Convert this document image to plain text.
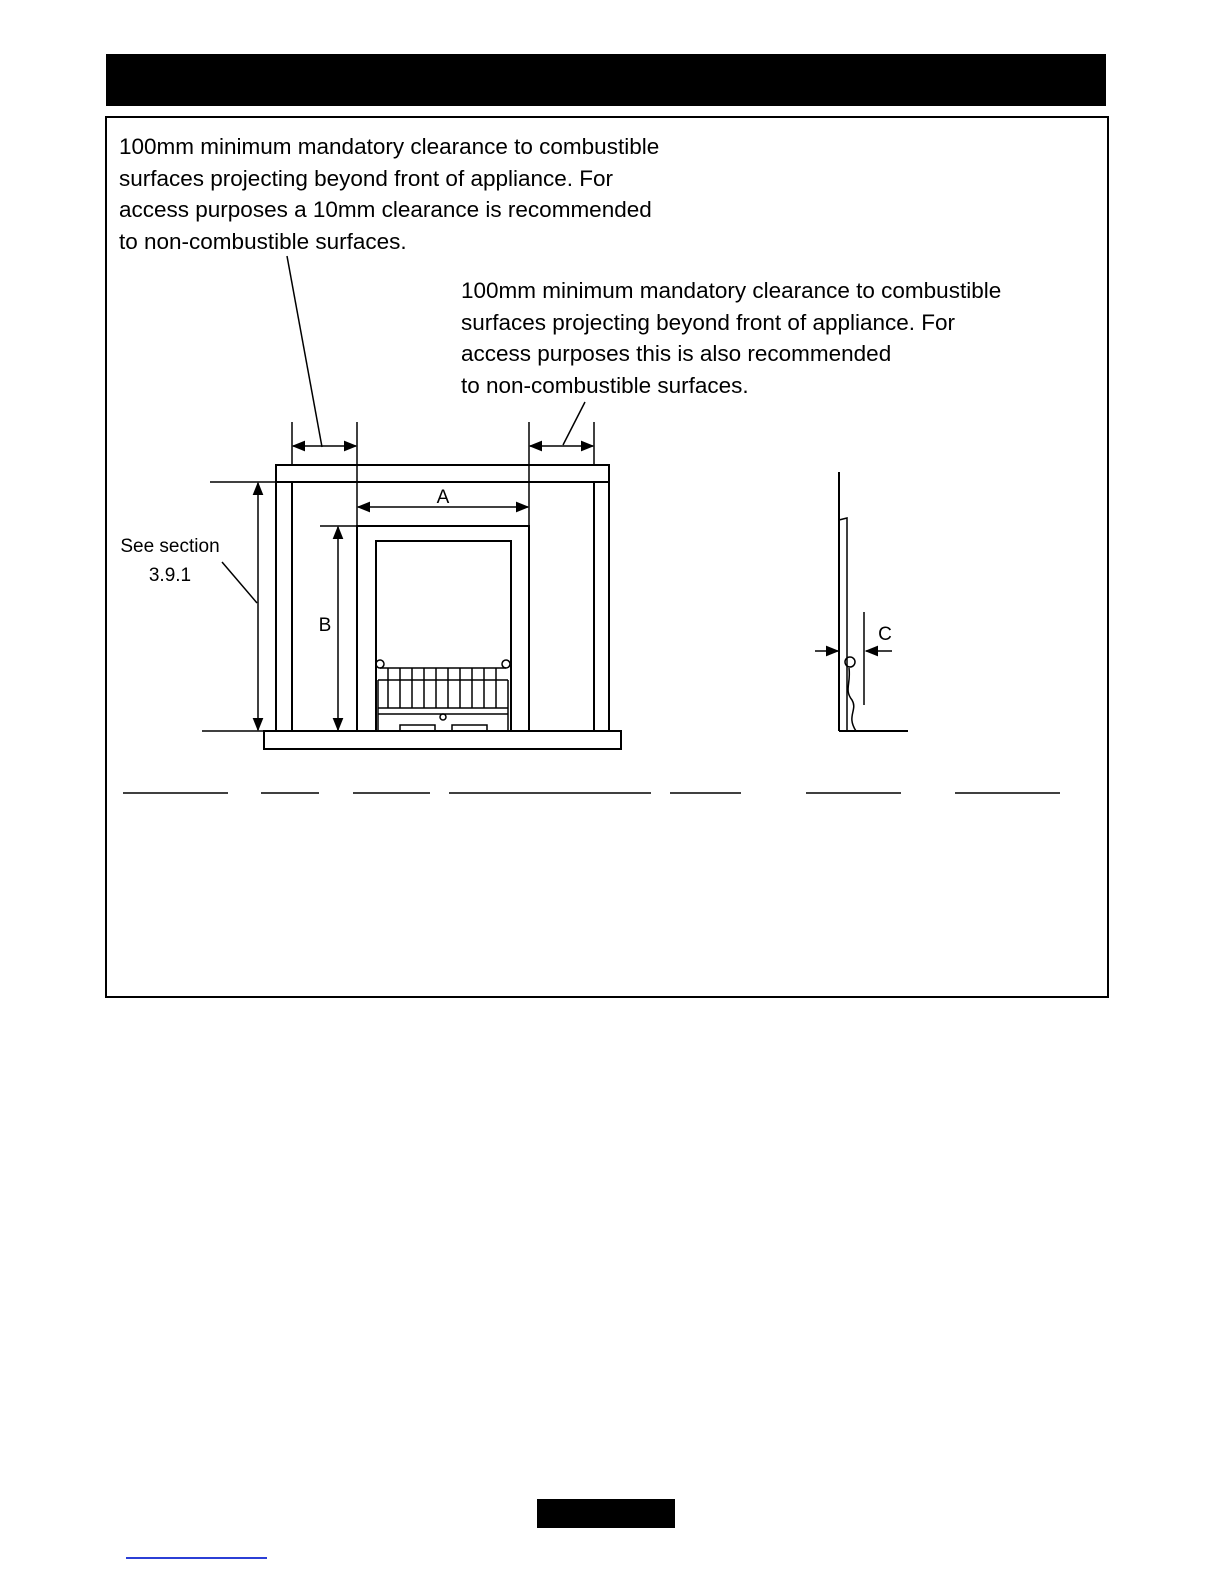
100mm minimum mandatory clearance to combustible
surfaces projecting beyond front of appliance. For
access purposes a 10mm clearance is recommended
to non-combustible surfaces.

100mm minimum mandatory clearance to combustible
surfaces projecting beyond front of appliance. For
access purposes this is also recommended
to non-combustible surfaces.

A
B	C
See section
3.9.1
